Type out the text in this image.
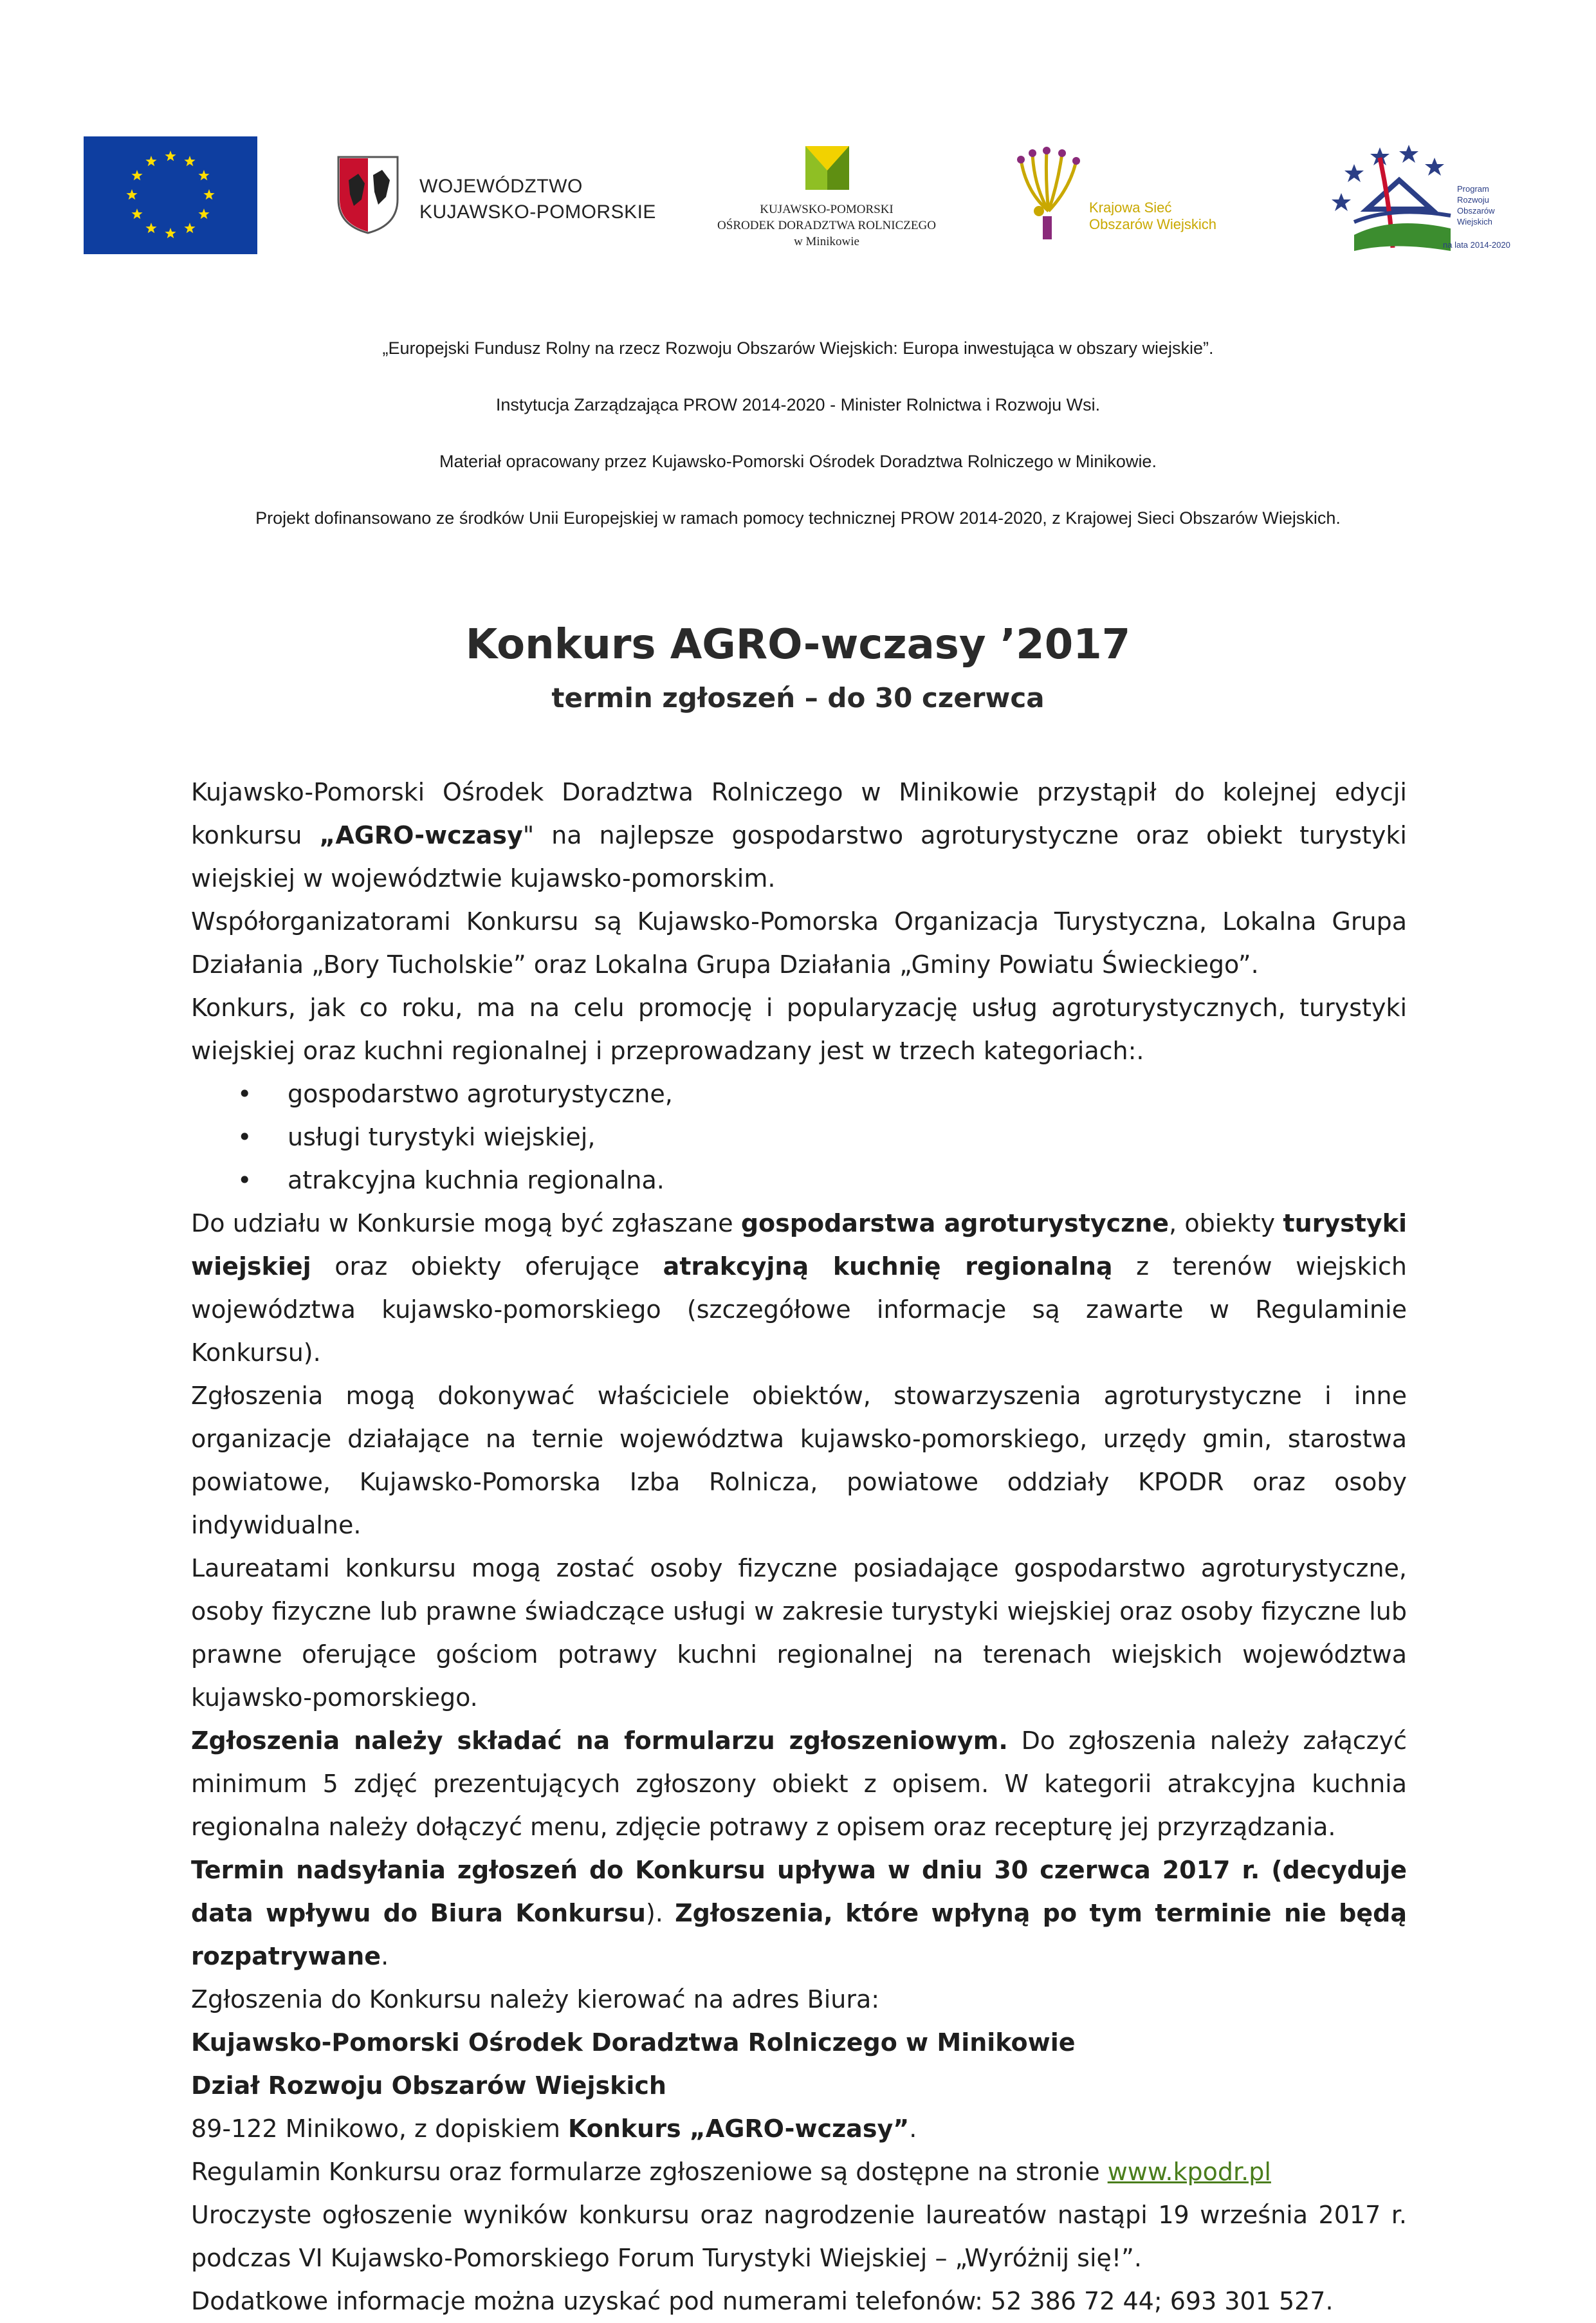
WOJEWÓDZTWO
KUJAWSKO-POMORSKIE	KUJAWSKO-POMORSKI
OŚRODEK DORADZTWA ROLNICZEGO
w Minikowie
Krajowa Sieć
Obszarów Wiejskich
Program
Rozwoju
Obszarów
Wiejskich
na lata 2014-2020

„Europejski Fundusz Rolny na rzecz Rozwoju Obszarów Wiejskich: Europa inwestująca w obszary wiejskie”.

Instytucja Zarządzająca PROW 2014-2020 - Minister Rolnictwa i Rozwoju Wsi.

Materiał opracowany przez Kujawsko-Pomorski Ośrodek Doradztwa Rolniczego w Minikowie.

Projekt dofinansowano ze środków Unii Europejskiej w ramach pomocy technicznej PROW 2014-2020, z Krajowej Sieci Obszarów Wiejskich.

Konkurs AGRO-wczasy ’2017
termin zgłoszeń – do 30 czerwca

Kujawsko-Pomorski Ośrodek Doradztwa Rolniczego w Minikowie przystąpił do kolejnej edycji konkursu „AGRO-wczasy" na najlepsze gospodarstwo agroturystyczne oraz obiekt turystyki wiejskiej w województwie kujawsko-pomorskim.

Współorganizatorami Konkursu są Kujawsko-Pomorska Organizacja Turystyczna, Lokalna Grupa Działania „Bory Tucholskie” oraz Lokalna Grupa Działania „Gminy Powiatu Świeckiego”.

Konkurs, jak co roku, ma na celu promocję i popularyzację usług agroturystycznych, turystyki wiejskiej oraz kuchni regionalnej i przeprowadzany jest w trzech kategoriach:.

• gospodarstwo agroturystyczne,
• usługi turystyki wiejskiej,
• atrakcyjna kuchnia regionalna.

Do udziału w Konkursie mogą być zgłaszane gospodarstwa agroturystyczne, obiekty turystyki wiejskiej oraz obiekty oferujące atrakcyjną kuchnię regionalną z terenów wiejskich województwa kujawsko-pomorskiego (szczegółowe informacje są zawarte w Regulaminie Konkursu).

Zgłoszenia mogą dokonywać właściciele obiektów, stowarzyszenia agroturystyczne i inne organizacje działające na ternie województwa kujawsko-pomorskiego, urzędy gmin, starostwa powiatowe, Kujawsko-Pomorska Izba Rolnicza, powiatowe oddziały KPODR oraz osoby indywidualne.

Laureatami konkursu mogą zostać osoby fizyczne posiadające gospodarstwo agroturystyczne, osoby fizyczne lub prawne świadczące usługi w zakresie turystyki wiejskiej oraz osoby fizyczne lub prawne oferujące gościom potrawy kuchni regionalnej na terenach wiejskich województwa kujawsko-pomorskiego.

Zgłoszenia należy składać na formularzu zgłoszeniowym. Do zgłoszenia należy załączyć minimum 5 zdjęć prezentujących zgłoszony obiekt z opisem. W kategorii atrakcyjna kuchnia regionalna należy dołączyć menu, zdjęcie potrawy z opisem oraz recepturę jej przyrządzania.

Termin nadsyłania zgłoszeń do Konkursu upływa w dniu 30 czerwca 2017 r. (decyduje data wpływu do Biura Konkursu). Zgłoszenia, które wpłyną po tym terminie nie będą rozpatrywane.

Zgłoszenia do Konkursu należy kierować na adres Biura:

Kujawsko-Pomorski Ośrodek Doradztwa Rolniczego w Minikowie

Dział Rozwoju Obszarów Wiejskich

89-122 Minikowo, z dopiskiem Konkurs „AGRO-wczasy”.

Regulamin Konkursu oraz formularze zgłoszeniowe są dostępne na stronie www.kpodr.pl

Uroczyste ogłoszenie wyników konkursu oraz nagrodzenie laureatów nastąpi 19 września 2017 r. podczas VI Kujawsko-Pomorskiego Forum Turystyki Wiejskiej – „Wyróżnij się!”.

Dodatkowe informacje można uzyskać pod numerami telefonów: 52 386 72 44; 693 301 527.
